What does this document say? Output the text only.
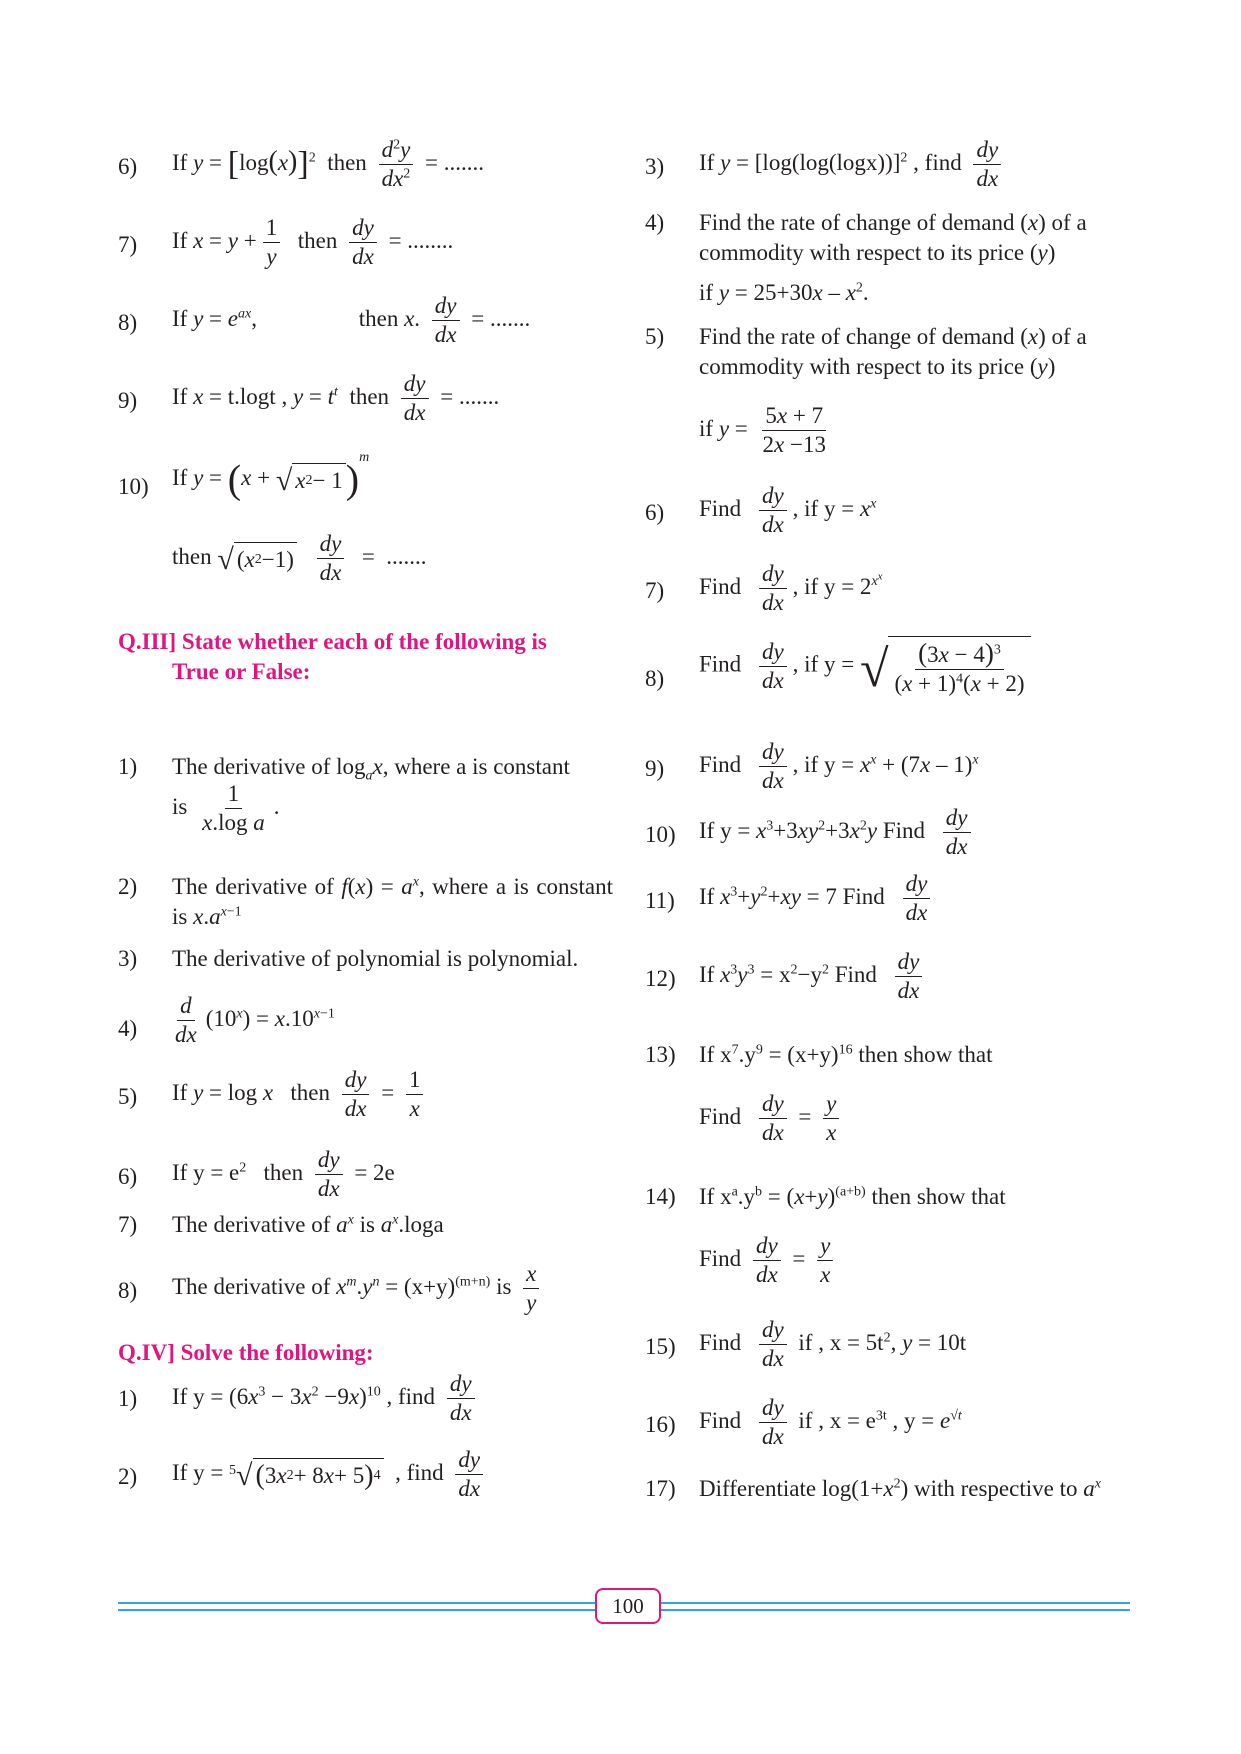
6) If $y = [\log(x)]^2$  then $\frac{d^2y}{dx^2}$ = .......
7) If $x = y + \frac{1}{y}$ then $\frac{dy}{dx}$ = ........
8) If $y = e^{ax}$,	then x. $\frac{dy}{dx}$ = .......
9) If x = t.logt , $y = t^t$  then $\frac{dy}{dx}$ = .......
10) If y = (x + √ x 2 − 1 )$^m$
then √ ( x 2 −1)
$\frac{dy}{dx}$ =  .......
Q.III] State whether each of the following is
True or False:
1) The derivative of $\log_ax$, where a is constant
is $\frac{1}{\text{x.log a}}$ .
2) The derivative of $f(x) = a^x$, where a is constant is $x.a^{x-1}$
3) The derivative of polynomial is polynomial.
$4) \frac{d}{dx} (10^x) = x.10^{x-1}$
5) If y = log x   then $\frac{dy}{dx} = \frac{1}{x}$
6) If $y = e^2$   then $\frac{dy}{dx} = 2e$
7) The derivative of $a^x$ is $a^x.\log a$
8) The derivative of $x^m.y^n = (x+y)^{(m+n)}$ is $\frac{x}{y}$
Q.IV] Solve the following:
1) If $y = (6x^3 - 3x^2 -9x)^{10}$ , find $\frac{dy}{dx}$
2) If y = $^5$ √ ( 3 x 2 + 8 x + 5 ) 4 , find $\frac{dy}{dx}$
3) If $y = [\log(\log(\log x))]^2$ , find $\frac{dy}{dx}$
4) Find the rate of change of demand (x) of a commodity with respect to its price (y)

if $y = 25+30x - x^2$.
5) Find the rate of change of demand (x) of a commodity with respect to its price (y)

if $y = \frac{5x + 7}{2x -13}$
6) Find $\frac{dy}{dx}$ , if $y = x^x$
7) Find $\frac{dy}{dx}$ , if $y = 2^{x^x}$
8)
Find $\frac{dy}{dx}$ , if y = √ $\frac{(3x - 4)^3}{(x + 1)^4(x + 2)}$
9) Find $\frac{dy}{dx}$ , if $y = x^x + (7x - 1)^x$
10) If $y = x^3+3xy^2+3x^2y$ Find $\frac{dy}{dx}$
11) If $x^3+y^2+xy = 7$ Find $\frac{dy}{dx}$
12) If $x^3y^3 = x^2-y^2$ Find $\frac{dy}{dx}$
13) If $x^7.y^9 = (x+y)^{16}$ then show that

Find $\frac{dy}{dx} = \frac{y}{x}$
14) If $x^a.y^b = (x+y)^{(a+b)}$ then show that

Find $\frac{dy}{dx} = \frac{y}{x}$
15) Find $\frac{dy}{dx}$ if , $x = 5t^2$, y = 10t
16) Find $\frac{dy}{dx}$ if , $x = e^{3t}$ , $y = e^{√t}$
17) Differentiate $\log(1+x^2)$ with respective to $a^x$
100
